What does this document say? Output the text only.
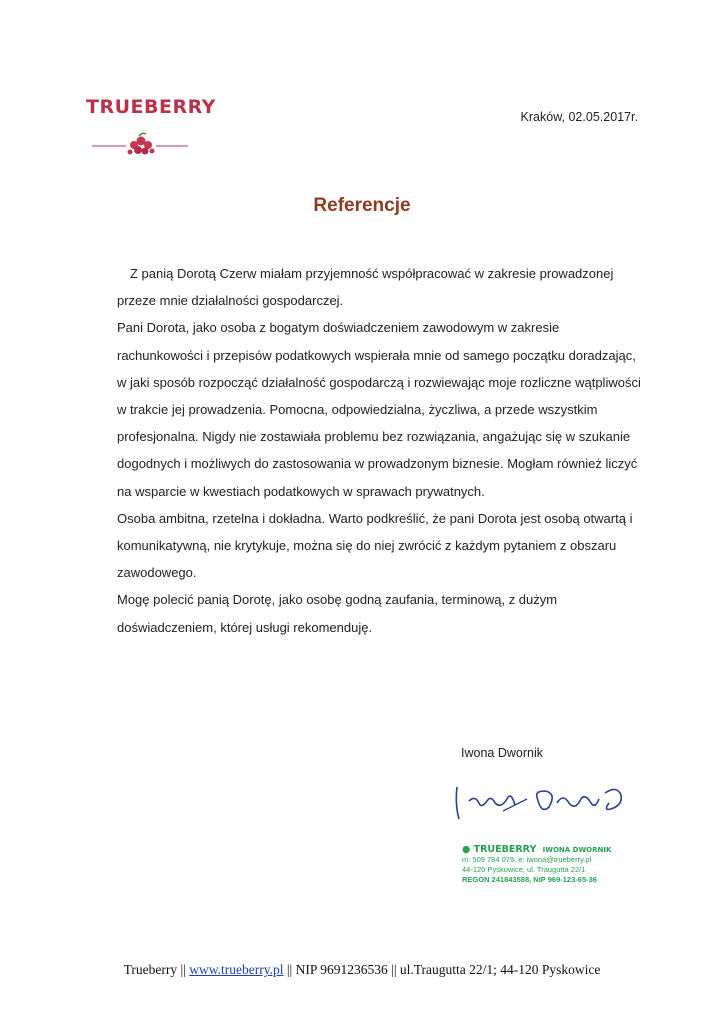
TRUEBERRY	Kraków, 02.05.2017r.
Referencje

Z panią Dorotą Czerw miałam przyjemność współpracować w zakresie prowadzonej przeze mnie działalności gospodarczej.

Pani Dorota, jako osoba z bogatym doświadczeniem zawodowym w zakresie rachunkowości i przepisów podatkowych wspierała mnie od samego początku doradzając, w jaki sposób rozpocząć działalność gospodarczą i rozwiewając moje rozliczne wątpliwości w trakcie jej prowadzenia. Pomocna, odpowiedzialna, życzliwa, a przede wszystkim profesjonalna. Nigdy nie zostawiała problemu bez rozwiązania, angażując się w szukanie dogodnych i możliwych do zastosowania w prowadzonym biznesie. Mogłam również liczyć na wsparcie w kwestiach podatkowych w sprawach prywatnych.

Osoba ambitna, rzetelna i dokładna. Warto podkreślić, że pani Dorota jest osobą otwartą i komunikatywną, nie krytykuje, można się do niej zwrócić z każdym pytaniem z obszaru zawodowego.

Mogę polecić panią Dorotę, jako osobę godną zaufania, terminową, z dużym doświadczeniem, której usługi rekomenduję.

Iwona Dwornik
● TRUEBERRY IWONA DWORNIK
m: 509 784 079, e: iwona@trueberry.pl
44-120 Pyskowice, ul. Traugutta 22/1
REGON 241843588, NIP 969-123-65-36
Trueberry || www.trueberry.pl || NIP 9691236536 || ul.Traugutta 22/1; 44-120 Pyskowice
